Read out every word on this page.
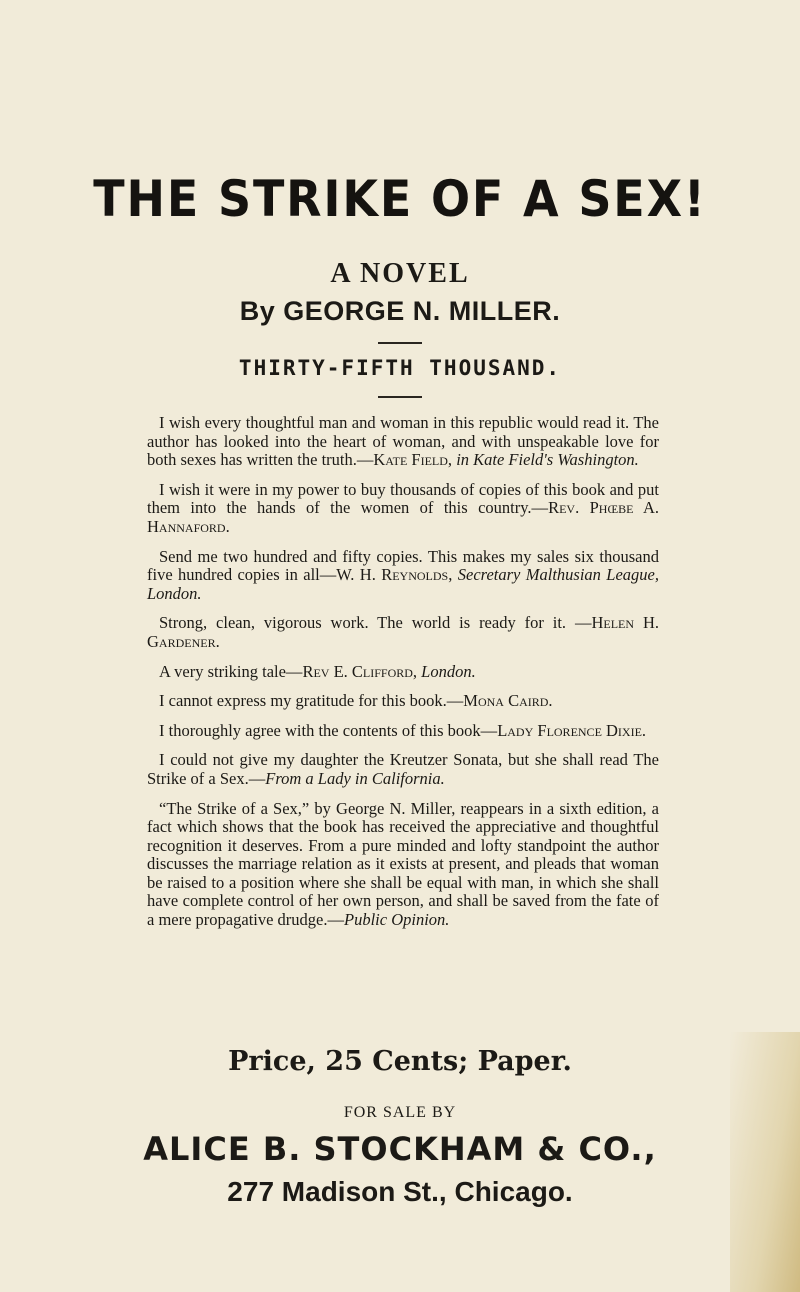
THE STRIKE OF A SEX!
A NOVEL
By GEORGE N. MILLER.
THIRTY-FIFTH THOUSAND.

I wish every thoughtful man and woman in this republic would read it. The author has looked into the heart of woman, and with unspeakable love for both sexes has written the truth.—Kate Field, in Kate Field's Washington.

I wish it were in my power to buy thousands of copies of this book and put them into the hands of the women of this country.—Rev. Phœbe A. Hannaford.

Send me two hundred and fifty copies. This makes my sales six thousand five hundred copies in all—W. H. Reynolds, Secretary Malthusian League, London.

Strong, clean, vigorous work. The world is ready for it. —Helen H. Gardener.

A very striking tale—Rev E. Clifford, London.

I cannot express my gratitude for this book.—Mona Caird.

I thoroughly agree with the contents of this book—Lady Florence Dixie.

I could not give my daughter the Kreutzer Sonata, but she shall read The Strike of a Sex.—From a Lady in California.

“The Strike of a Sex,” by George N. Miller, reappears in a sixth edition, a fact which shows that the book has received the appreciative and thoughtful recognition it deserves. From a pure minded and lofty standpoint the author discusses the marriage relation as it exists at present, and pleads that woman be raised to a position where she shall be equal with man, in which she shall have complete control of her own person, and shall be saved from the fate of a mere propagative drudge.—Public Opinion.

Price, 25 Cents; Paper.
FOR SALE BY
ALICE B. STOCKHAM & CO.,
277 Madison St., Chicago.
